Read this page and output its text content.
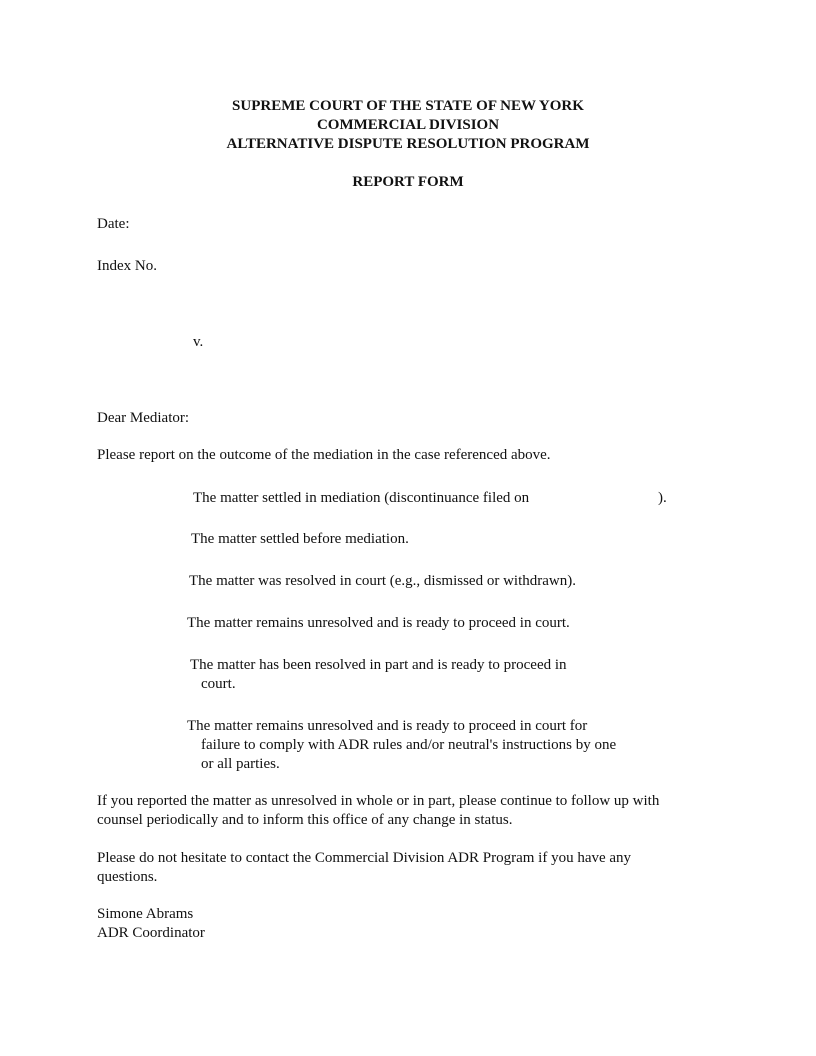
SUPREME COURT OF THE STATE OF NEW YORK

COMMERCIAL DIVISION

ALTERNATIVE DISPUTE RESOLUTION PROGRAM

REPORT FORM

Date:

Index No.

v.

Dear Mediator:

Please report on the outcome of the mediation in the case referenced above.

The matter settled in mediation (discontinuance filed on	).

The matter settled before mediation.

The matter was resolved in court (e.g., dismissed or withdrawn).

The matter remains unresolved and is ready to proceed in court.

The matter has been resolved in part and is ready to proceed in

court.

The matter remains unresolved and is ready to proceed in court for

failure to comply with ADR rules and/or neutral's instructions by one

or all parties.

If you reported the matter as unresolved in whole or in part, please continue to follow up with

counsel periodically and to inform this office of any change in status.

Please do not hesitate to contact the Commercial Division ADR Program if you have any

questions.

Simone Abrams

ADR Coordinator
